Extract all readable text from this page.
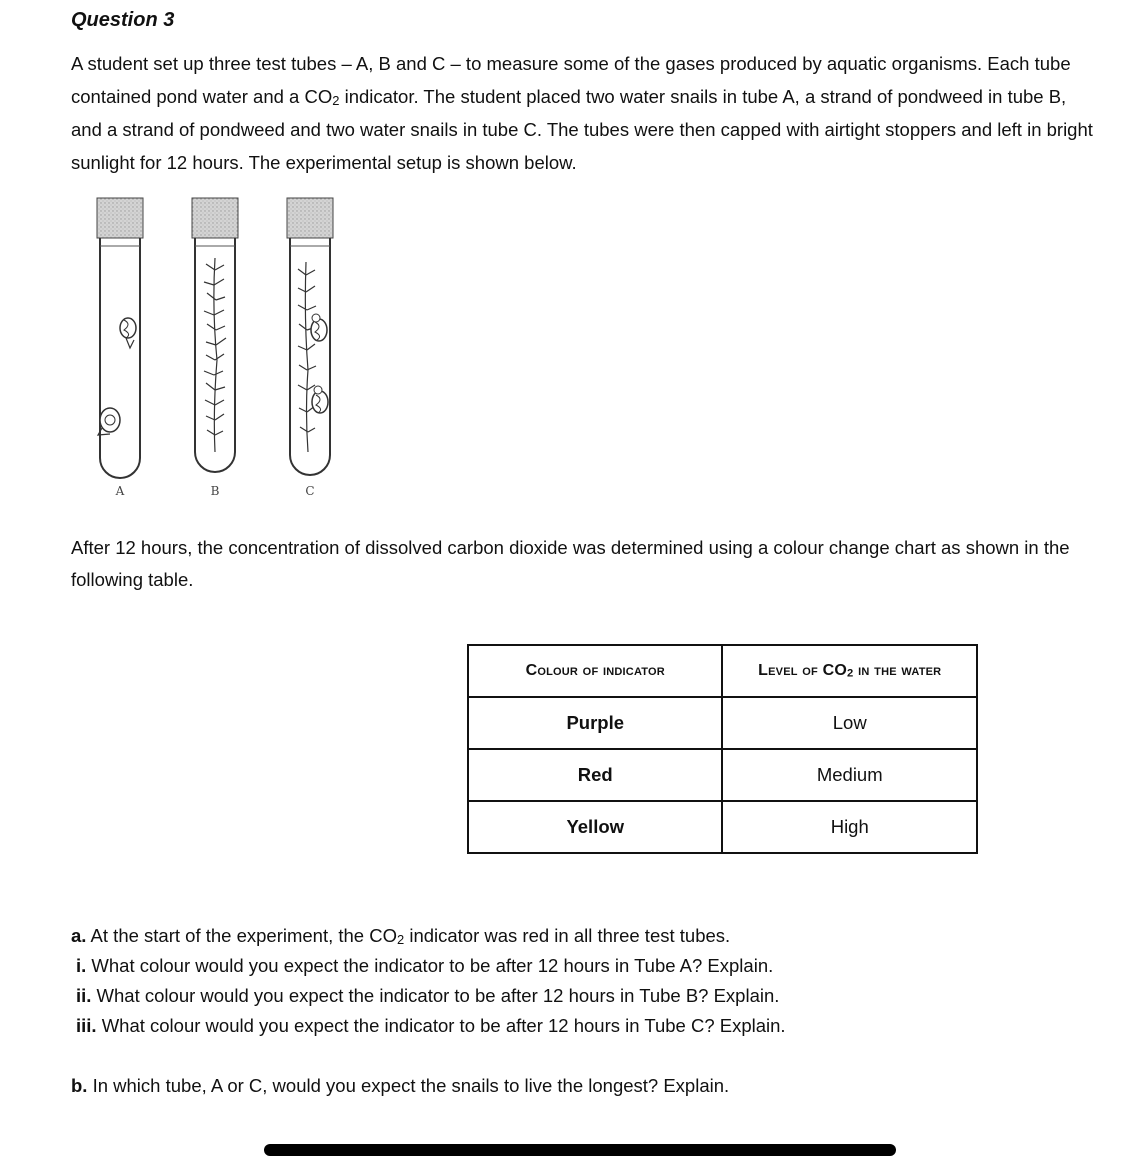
Question 3

A student set up three test tubes – A, B and C – to measure some of the gases produced by aquatic organisms. Each tube contained pond water and a $CO_2$ indicator. The student placed two water snails in tube A, a strand of pondweed in tube B, and a strand of pondweed and two water snails in tube C. The tubes were then capped with airtight stoppers and left in bright sunlight for 12 hours. The experimental setup is shown below.

A	B	C

After 12 hours, the concentration of dissolved carbon dioxide was determined using a colour change chart as shown in the following table.

Colour of indicator	Level of $CO_2$ in the water
Purple	Low
Red	Medium
Yellow	High
a. At the start of the experiment, the $CO_2$ indicator was red in all three test tubes.
i. What colour would you expect the indicator to be after 12 hours in Tube A? Explain.
ii. What colour would you expect the indicator to be after 12 hours in Tube B? Explain.
iii. What colour would you expect the indicator to be after 12 hours in Tube C? Explain.
b. In which tube, A or C, would you expect the snails to live the longest? Explain.
